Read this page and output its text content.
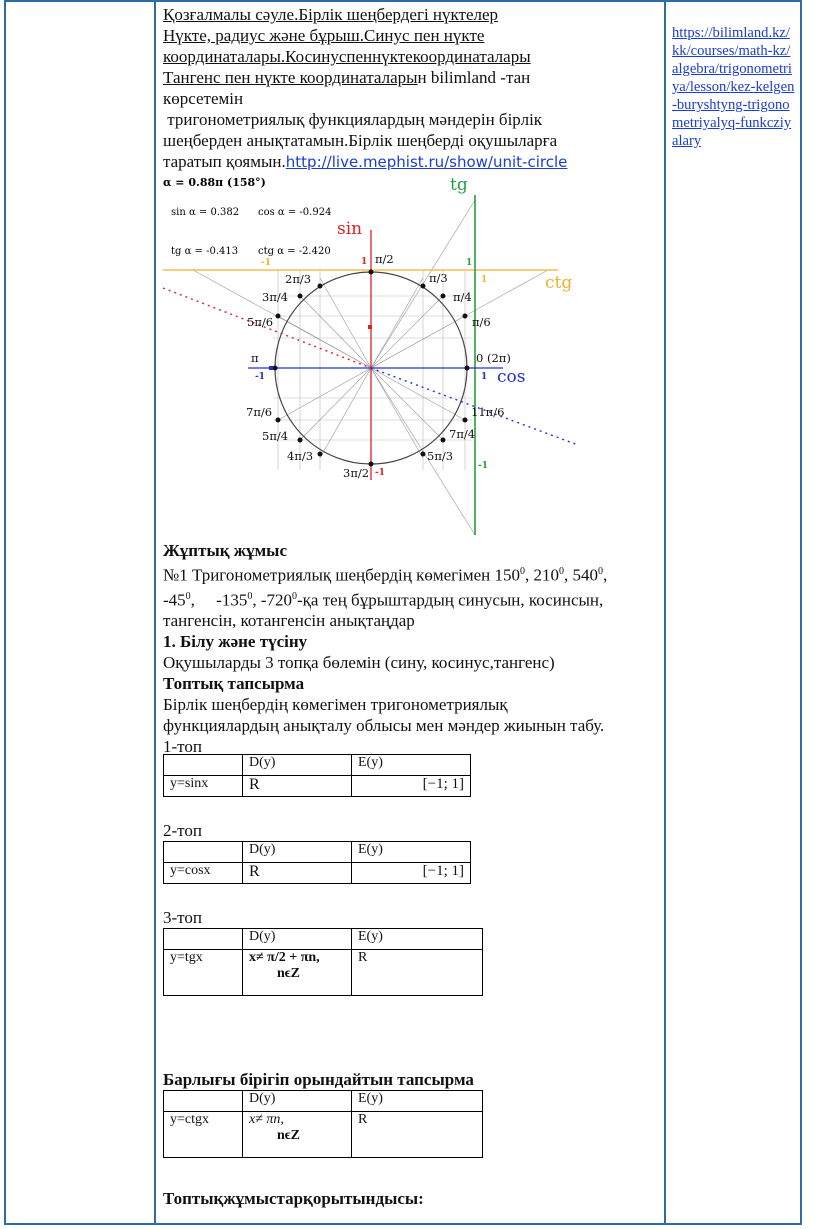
Қозғалмалы сәуле.Бірлік шеңбердегі нүктелер
Нүкте, радиус және бұрыш.Синус пен нүкте
координаталары.Косинуспеннүктекоординаталары
Тангенс пен нүкте координаталарын bilimland -тан
көрсетемін
тригонометриялық функциялардың мәндерін бірлік
шеңберден анықтатамын.Бірлік шеңберді оқушыларға
таратып қоямын.http://live.mephist.ru/show/unit-circle
https://bilimland.kz/kk/courses/math-kz/algebra/trigonometriya/lesson/kez-kelgen-buryshtyng-trigonometriyalyq-funkcziyalary
α = 0.88π (158°)
sin α = 0.382 cos α = -0.924
tg α = -0.413 ctg α = -2.420
sin
cos
tg
ctg
0 (2π)
π/6
π/4
π/3
π/2
2π/3
3π/4
5π/6
π
7π/6
5π/4
4π/3
3π/2
5π/3
7π/4
11π/6
1
-1
-1	1
1
-1
1
-1
Жұптық жұмыс
№1 Тригонометриялық шеңбердің көмегімен $150^0$, $210^0$, $540^0$,
$-45^0$,     $-135^0$, $-720^0-қа$ тең бұрыштардың синусын, косинсын,
тангенсін, котангенсін анықтаңдар
1. Білу және түсіну
Оқушыларды 3 топқа бөлемін (сину, косинус,тангенс)
Топтық тапсырма
Бірлік шеңбердің көмегімен тригонометриялық
функциялардың анықталу облысы мен мәндер жиынын табу.
1-топ
	D(y)	E(y)
y=sinx	R	[−1; 1]
2-топ
	D(y)	E(y)
y=cosx	R	[−1; 1]
3-топ
	D(y)	E(y)
y=tgx	x≠ π/2 + πn,
nϵZ	R
Барлығы бірігіп орындайтын тапсырма
	D(y)	E(y)
y=ctgx	x≠ πn,
nϵZ	R
Топтықжұмыстарқорытындысы:
